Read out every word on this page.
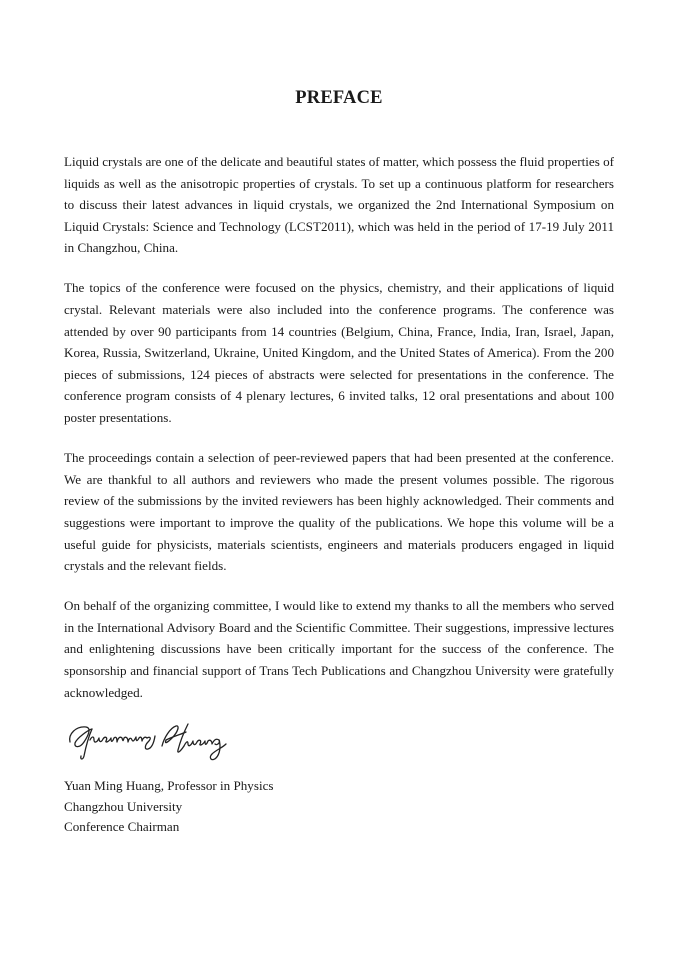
PREFACE

Liquid crystals are one of the delicate and beautiful states of matter, which possess the fluid properties of liquids as well as the anisotropic properties of crystals. To set up a continuous platform for researchers to discuss their latest advances in liquid crystals, we organized the 2nd International Symposium on Liquid Crystals: Science and Technology (LCST2011), which was held in the period of 17-19 July 2011 in Changzhou, China.

The topics of the conference were focused on the physics, chemistry, and their applications of liquid crystal. Relevant materials were also included into the conference programs. The conference was attended by over 90 participants from 14 countries (Belgium, China, France, India, Iran, Israel, Japan, Korea, Russia, Switzerland, Ukraine, United Kingdom, and the United States of America). From the 200 pieces of submissions, 124 pieces of abstracts were selected for presentations in the conference. The conference program consists of 4 plenary lectures, 6 invited talks, 12 oral presentations and about 100 poster presentations.

The proceedings contain a selection of peer-reviewed papers that had been presented at the conference. We are thankful to all authors and reviewers who made the present volumes possible. The rigorous review of the submissions by the invited reviewers has been highly acknowledged. Their comments and suggestions were important to improve the quality of the publications. We hope this volume will be a useful guide for physicists, materials scientists, engineers and materials producers engaged in liquid crystals and the relevant fields.

On behalf of the organizing committee, I would like to extend my thanks to all the members who served in the International Advisory Board and the Scientific Committee. Their suggestions, impressive lectures and enlightening discussions have been critically important for the success of the conference. The sponsorship and financial support of Trans Tech Publications and Changzhou University were gratefully acknowledged.

Yuan Ming Huang, Professor in Physics
Changzhou University
Conference Chairman
